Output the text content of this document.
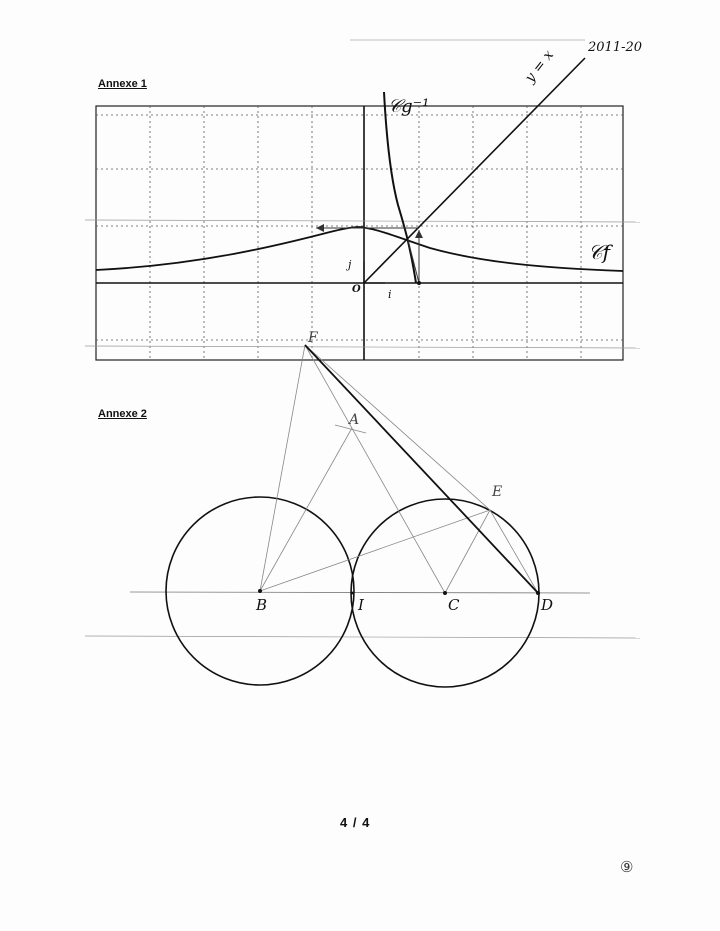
2011-20
Annexe 1
Annexe 2
O i
j
𝒞f
𝒞g⁻¹
y = x
F
A
E
B	I	C	D
4 / 4
⑨
